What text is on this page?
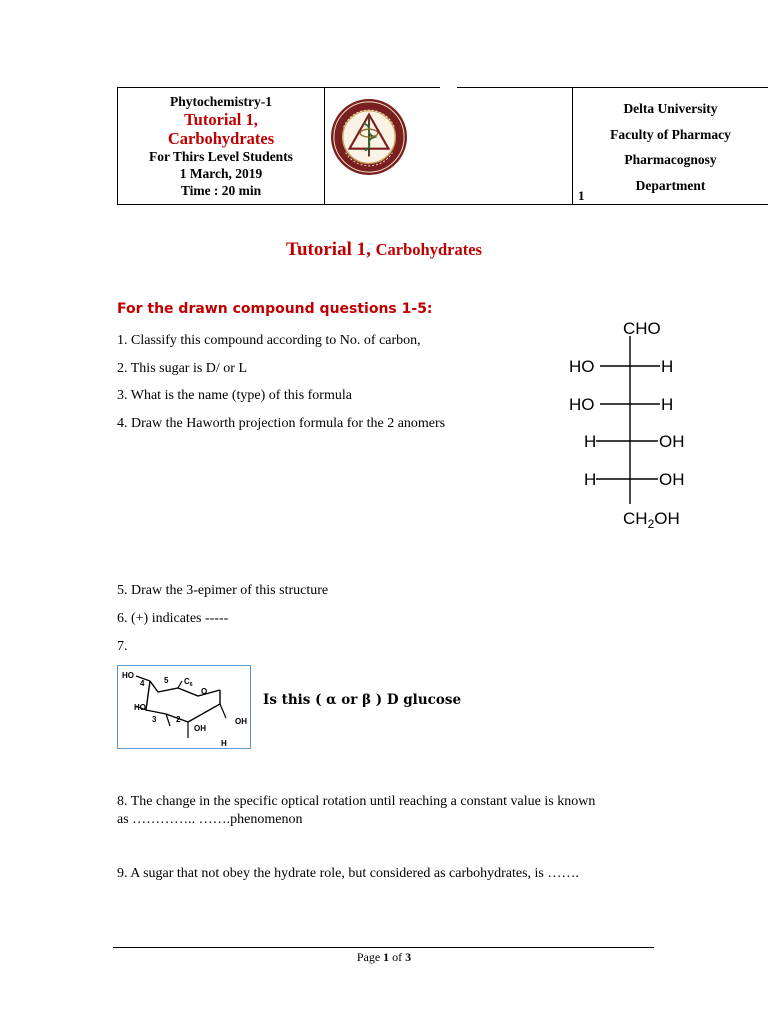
Phytochemistry-1
Tutorial 1,
Carbohydrates
For Thirs Level Students
1 March, 2019
Time : 20 min	1
Delta University
Faculty of Pharmacy
Pharmacognosy
Department
Tutorial 1, Carbohydrates
For the drawn compound questions 1-5:
1. Classify this compound according to No. of carbon,
2. This sugar is D/ or L
3. What is the name (type) of this formula
4. Draw the Haworth projection formula for the 2 anomers
CHO
HO	H
HO	H
H	OH
H	OH
$CH_2OH$
5. Draw the 3-epimer of this structure
6. (+) indicates -----
7.
HO
4 5 $C_6$
O
HO
3 2
OH
OH
H
Is this ( α or β ) D glucose
8. The change in the specific optical rotation until reaching a constant value is known
as ………….. …….phenomenon
9. A sugar that not obey the hydrate role, but considered as carbohydrates, is …….
Page 1 of 3
